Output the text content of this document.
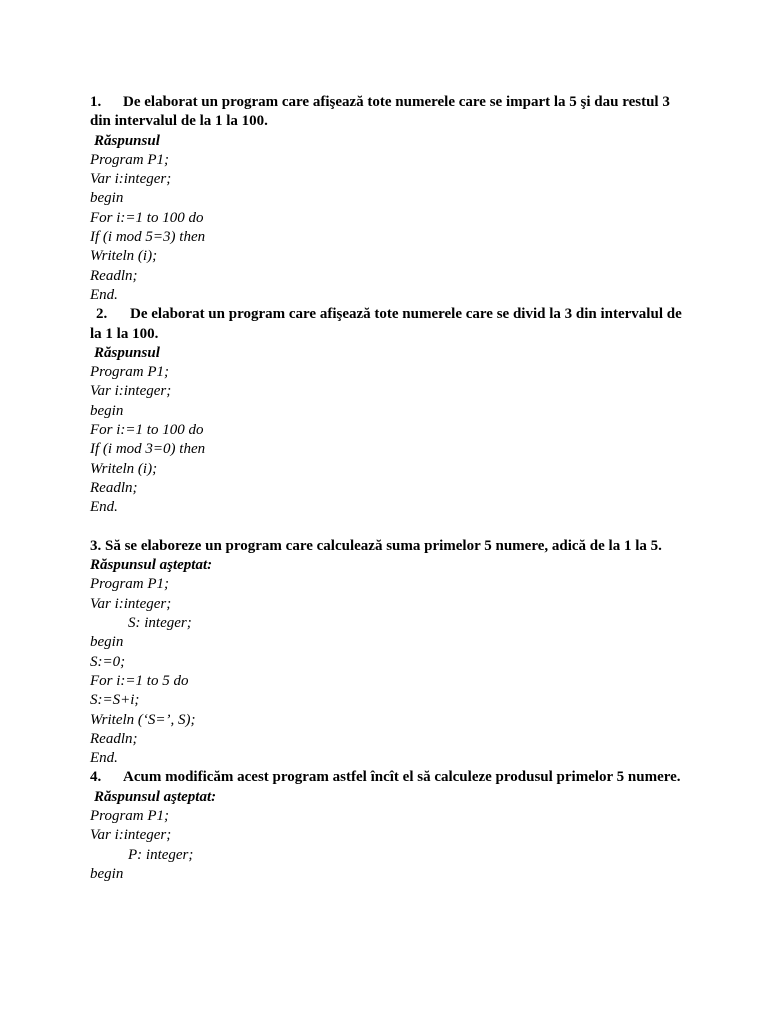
1. De elaborat un program care afişează tote numerele care se impart la 5 şi dau restul 3 din intervalul de la 1 la 100.
Răspunsul
Program P1;
Var i:integer;
begin
For i:=1 to 100 do
If (i mod 5=3) then
Writeln (i);
Readln;
End.
2. De elaborat un program care afişează tote numerele care se divid la 3 din intervalul de la 1 la 100.
Răspunsul
Program P1;
Var i:integer;
begin
For i:=1 to 100 do
If (i mod 3=0) then
Writeln (i);
Readln;
End.
3. Să se elaboreze un program care calculează suma primelor 5 numere, adică de la 1 la 5.
Răspunsul aşteptat:
Program P1;
Var i:integer;
S: integer;
begin
S:=0;
For i:=1 to 5 do
S:=S+i;
Writeln (‘S=’, S);
Readln;
End.
4. Acum modificăm acest program astfel încît el să calculeze produsul primelor 5 numere.
Răspunsul aşteptat:
Program P1;
Var i:integer;
P: integer;
begin
